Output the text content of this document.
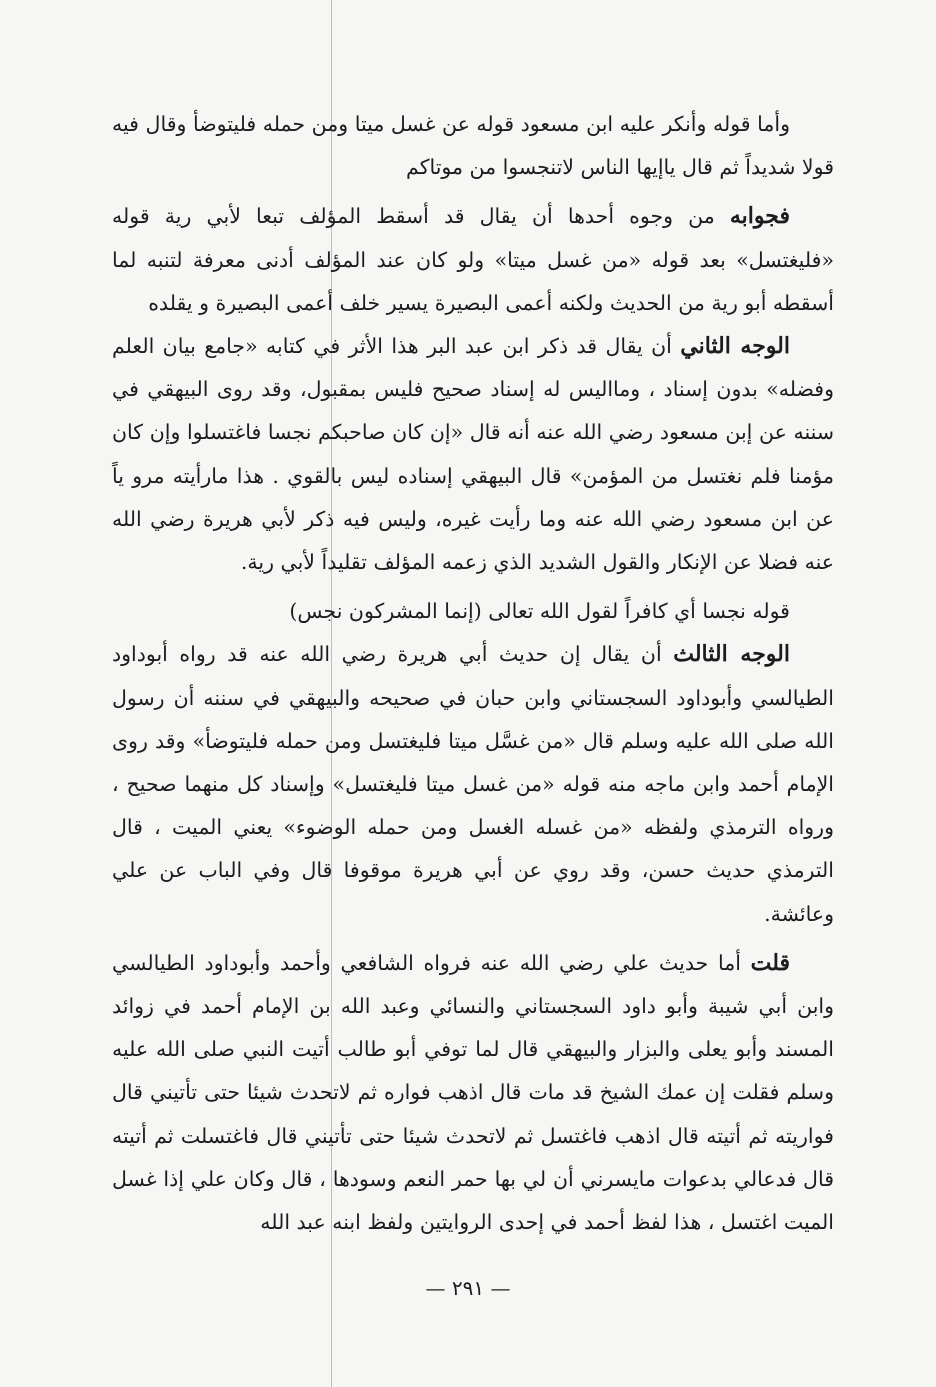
وأما قوله وأنكر عليه ابن مسعود قوله عن غسل ميتا ومن حمله فليتوضأ وقال فيه قولا شديداً ثم قال ياإيها الناس لاتنجسوا من موتاكم

فجوابه من وجوه أحدها أن يقال قد أسقط المؤلف تبعا لأبي رية قوله «فليغتسل» بعد قوله «من غسل ميتا» ولو كان عند المؤلف أدنى معرفة لتنبه لما أسقطه أبو رية من الحديث ولكنه أعمى البصيرة يسير خلف أعمى البصيرة و يقلده

الوجه الثاني أن يقال قد ذكر ابن عبد البر هذا الأثر في كتابه «جامع بيان العلم وفضله» بدون إسناد ، ومااليس له إسناد صحيح فليس بمقبول، وقد روى البيهقي في سننه عن إبن مسعود رضي الله عنه أنه قال «إن كان صاحبكم نجسا فاغتسلوا وإن كان مؤمنا فلم نغتسل من المؤمن» قال البيهقي إسناده ليس بالقوي . هذا مارأيته مرو ياً عن ابن مسعود رضي الله عنه وما رأيت غيره، وليس فيه ذكر لأبي هريرة رضي الله عنه فضلا عن الإنكار والقول الشديد الذي زعمه المؤلف تقليداً لأبي رية.

قوله نجسا أي كافراً لقول الله تعالى (إنما المشركون نجس)

الوجه الثالث أن يقال إن حديث أبي هريرة رضي الله عنه قد رواه أبوداود الطيالسي وأبوداود السجستاني وابن حبان في صحيحه والبيهقي في سننه أن رسول الله صلى الله عليه وسلم قال «من غسَّل ميتا فليغتسل ومن حمله فليتوضأ» وقد روى الإمام أحمد وابن ماجه منه قوله «من غسل ميتا فليغتسل» وإسناد كل منهما صحيح ، ورواه الترمذي ولفظه «من غسله الغسل ومن حمله الوضوء» يعني الميت ، قال الترمذي حديث حسن، وقد روي عن أبي هريرة موقوفا قال وفي الباب عن علي وعائشة.

قلت أما حديث علي رضي الله عنه فرواه الشافعي وأحمد وأبوداود الطيالسي وابن أبي شيبة وأبو داود السجستاني والنسائي وعبد الله بن الإمام أحمد في زوائد المسند وأبو يعلى والبزار والبيهقي قال لما توفي أبو طالب أتيت النبي صلى الله عليه وسلم فقلت إن عمك الشيخ قد مات قال اذهب فواره ثم لاتحدث شيئا حتى تأتيني قال فواريته ثم أتيته قال اذهب فاغتسل ثم لاتحدث شيئا حتى تأتيني قال فاغتسلت ثم أتيته قال فدعالي بدعوات مايسرني أن لي بها حمر النعم وسودها ، قال وكان علي إذا غسل الميت اغتسل ، هذا لفظ أحمد في إحدى الروايتين ولفظ ابنه عبد الله

— ٢٩١ —
